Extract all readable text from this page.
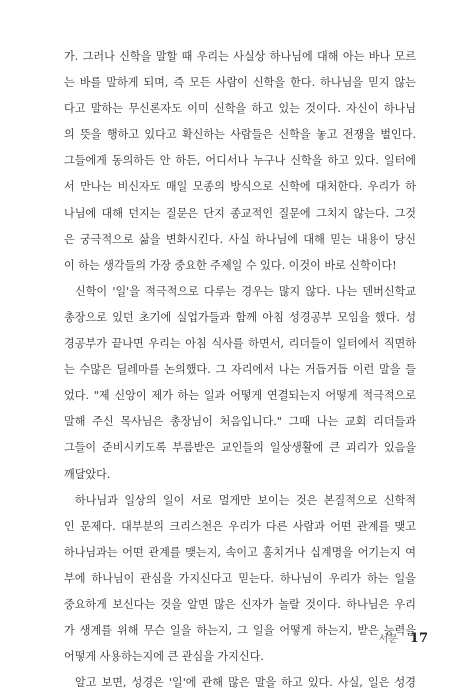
가. 그러나 신학을 말할 때 우리는 사실상 하나님에 대해 아는 바나 모르
는 바를 말하게 되며, 즉 모든 사람이 신학을 한다. 하나님을 믿지 않는
다고 말하는 무신론자도 이미 신학을 하고 있는 것이다. 자신이 하나님
의 뜻을 행하고 있다고 확신하는 사람들은 신학을 놓고 전쟁을 벌인다.
그들에게 동의하든 안 하든, 어디서나 누구나 신학을 하고 있다. 일터에
서 만나는 비신자도 매일 모종의 방식으로 신학에 대처한다. 우리가 하
나님에 대해 던지는 질문은 단지 종교적인 질문에 그치지 않는다. 그것
은 궁극적으로 삶을 변화시킨다. 사실 하나님에 대해 믿는 내용이 당신
이 하는 생각들의 가장 중요한 주제일 수 있다. 이것이 바로 신학이다!
신학이 '일'을 적극적으로 다루는 경우는 많지 않다. 나는 덴버신학교
총장으로 있던 초기에 실업가들과 함께 아침 성경공부 모임을 했다. 성
경공부가 끝나면 우리는 아침 식사를 하면서, 리더들이 일터에서 직면하
는 수많은 딜레마를 논의했다. 그 자리에서 나는 거듭거듭 이런 말을 들
었다. "제 신앙이 제가 하는 일과 어떻게 연결되는지 어떻게 적극적으로
말해 주신 목사님은 총장님이 처음입니다." 그때 나는 교회 리더들과
그들이 준비시키도록 부름받은 교인들의 일상생활에 큰 괴리가 있음을
깨달았다.
하나님과 일상의 일이 서로 멀게만 보이는 것은 본질적으로 신학적
인 문제다. 대부분의 크리스천은 우리가 다른 사람과 어떤 관계를 맺고
하나님과는 어떤 관계를 맺는지, 속이고 훔치거나 십계명을 어기는지 여
부에 하나님이 관심을 가지신다고 믿는다. 하나님이 우리가 하는 일을
중요하게 보신다는 것을 알면 많은 신자가 놀랄 것이다. 하나님은 우리
가 생계를 위해 무슨 일을 하는지, 그 일을 어떻게 하는지, 받은 능력을
어떻게 사용하는지에 큰 관심을 가지신다.
알고 보면, 성경은 '일'에 관해 많은 말을 하고 있다. 사실, 일은 성경
서문 17
